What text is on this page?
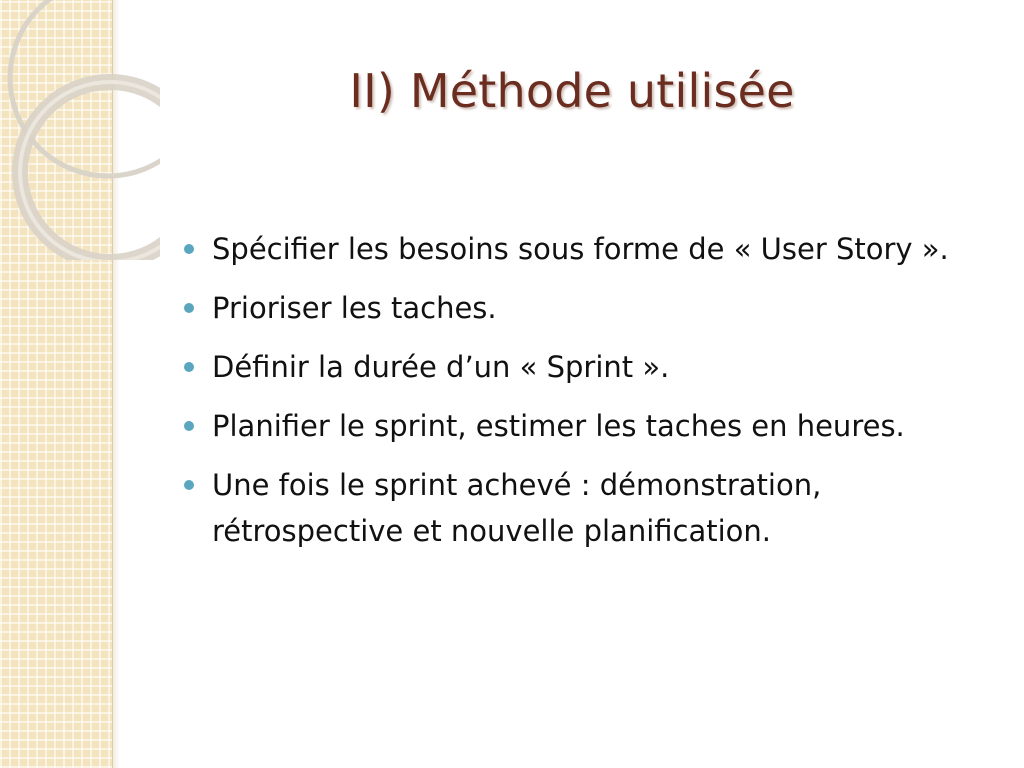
II) Méthode utilisée
Spécifier les besoins sous forme de « User Story ».
Prioriser les taches.
Définir la durée d’un « Sprint ».
Planifier le sprint, estimer les taches en heures.
Une fois le sprint achevé : démonstration, rétrospective et nouvelle planification.
